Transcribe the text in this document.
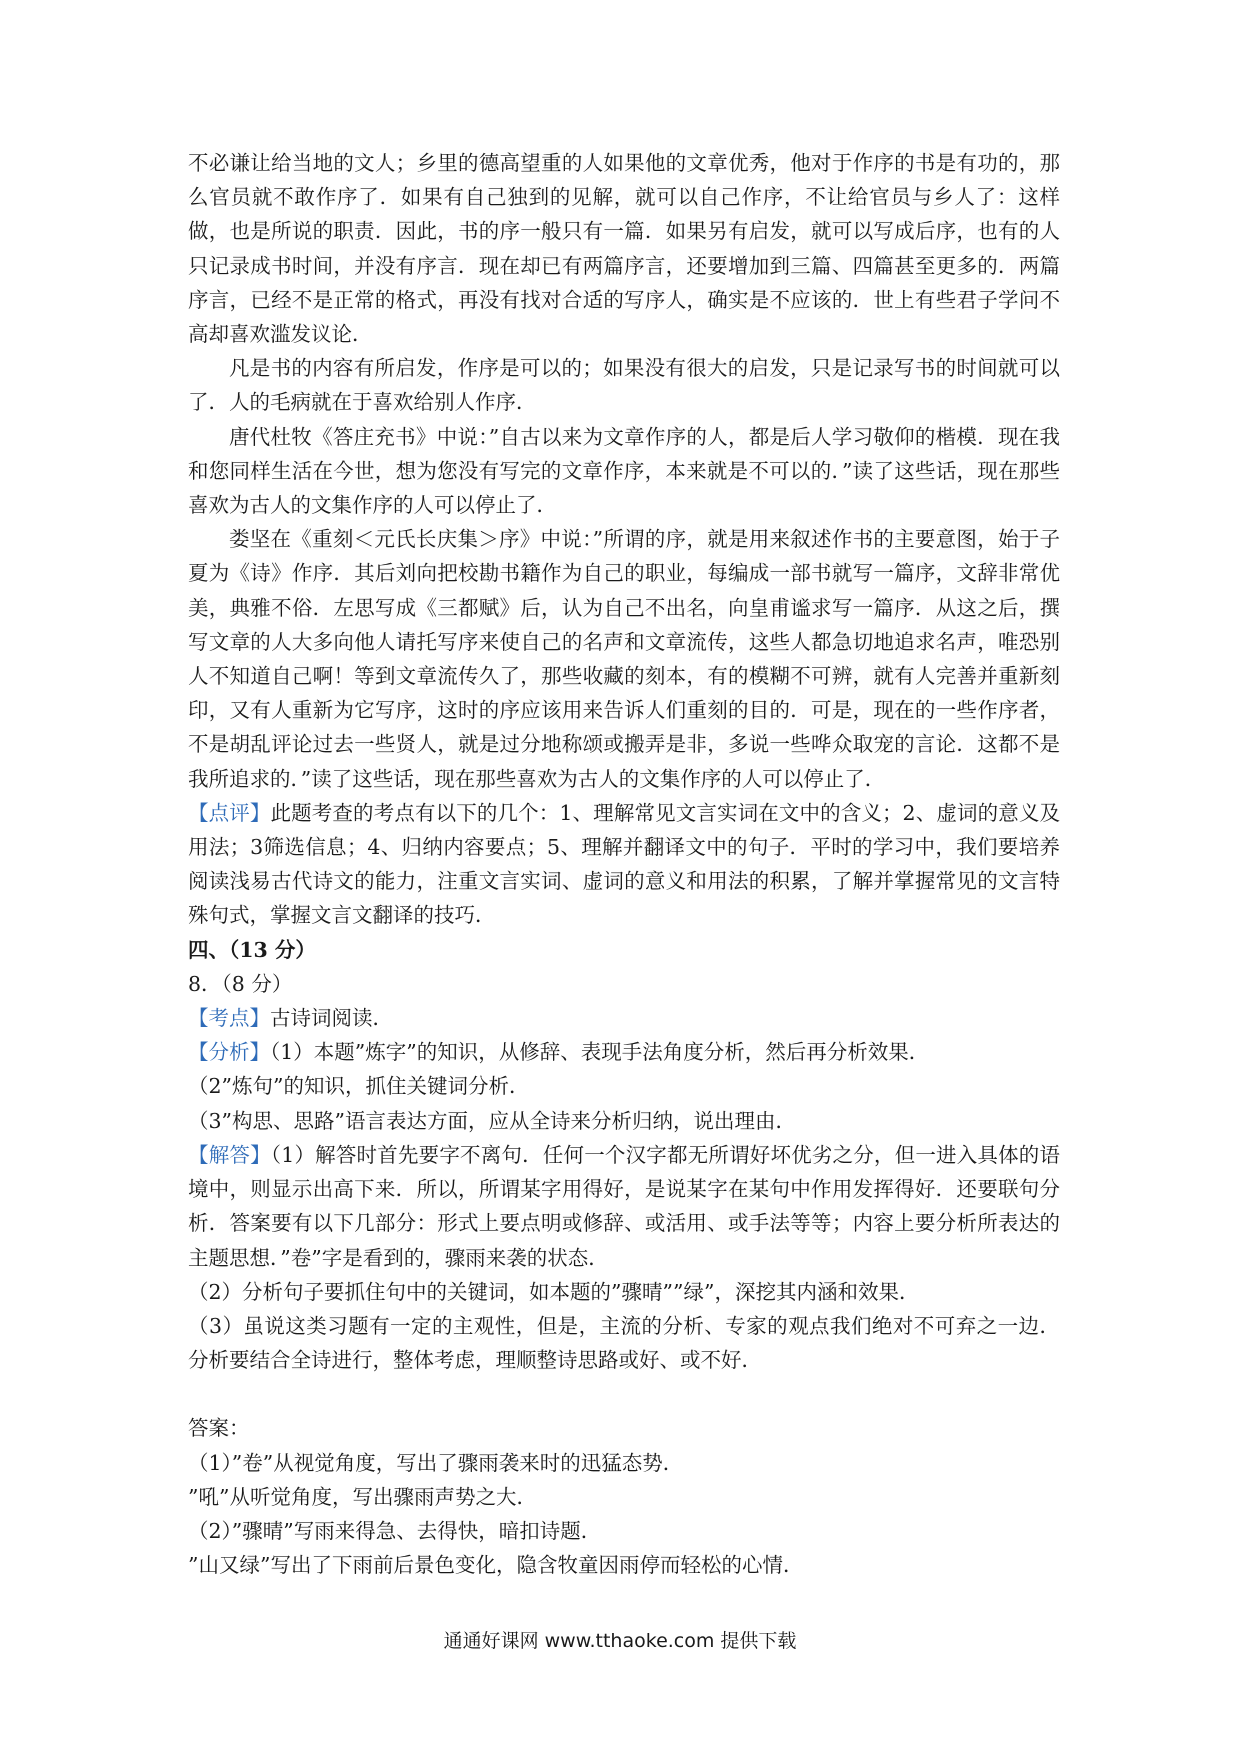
不必谦让给当地的文人；乡里的德高望重的人如果他的文章优秀，他对于作序的书是有功的，那么官员就不敢作序了．如果有自己独到的见解，就可以自己作序，不让给官员与乡人了：这样做，也是所说的职责．因此，书的序一般只有一篇．如果另有启发，就可以写成后序，也有的人只记录成书时间，并没有序言．现在却已有两篇序言，还要增加到三篇、四篇甚至更多的．两篇序言，已经不是正常的格式，再没有找对合适的写序人，确实是不应该的．世上有些君子学问不高却喜欢滥发议论．

凡是书的内容有所启发，作序是可以的；如果没有很大的启发，只是记录写书的时间就可以了．人的毛病就在于喜欢给别人作序．

唐代杜牧《答庄充书》中说：”自古以来为文章作序的人，都是后人学习敬仰的楷模．现在我和您同样生活在今世，想为您没有写完的文章作序，本来就是不可以的．”读了这些话，现在那些喜欢为古人的文集作序的人可以停止了．

娄坚在《重刻＜元氏长庆集＞序》中说：”所谓的序，就是用来叙述作书的主要意图，始于子夏为《诗》作序．其后刘向把校勘书籍作为自己的职业，每编成一部书就写一篇序，文辞非常优美，典雅不俗．左思写成《三都赋》后，认为自己不出名，向皇甫谧求写一篇序．从这之后，撰写文章的人大多向他人请托写序来使自己的名声和文章流传，这些人都急切地追求名声，唯恐别人不知道自己啊！等到文章流传久了，那些收藏的刻本，有的模糊不可辨，就有人完善并重新刻印，又有人重新为它写序，这时的序应该用来告诉人们重刻的目的．可是，现在的一些作序者，不是胡乱评论过去一些贤人，就是过分地称颂或搬弄是非，多说一些哗众取宠的言论．这都不是我所追求的．”读了这些话，现在那些喜欢为古人的文集作序的人可以停止了．

【点评】此题考查的考点有以下的几个：1、理解常见文言实词在文中的含义；2、虚词的意义及用法；3筛选信息；4、归纳内容要点；5、理解并翻译文中的句子．平时的学习中，我们要培养阅读浅易古代诗文的能力，注重文言实词、虚词的意义和用法的积累，了解并掌握常见的文言特殊句式，掌握文言文翻译的技巧．

四、（13 分）

8．（8 分）

【考点】古诗词阅读．

【分析】（1）本题”炼字”的知识，从修辞、表现手法角度分析，然后再分析效果．

（2”炼句”的知识，抓住关键词分析．

（3”构思、思路”语言表达方面，应从全诗来分析归纳，说出理由．

【解答】（1）解答时首先要字不离句．任何一个汉字都无所谓好坏优劣之分，但一进入具体的语境中，则显示出高下来．所以，所谓某字用得好，是说某字在某句中作用发挥得好．还要联句分析．答案要有以下几部分：形式上要点明或修辞、或活用、或手法等等；内容上要分析所表达的主题思想．”卷”字是看到的，骤雨来袭的状态．

（2）分析句子要抓住句中的关键词，如本题的”骤晴””绿”，深挖其内涵和效果．

（3）虽说这类习题有一定的主观性，但是，主流的分析、专家的观点我们绝对不可弃之一边．分析要结合全诗进行，整体考虑，理顺整诗思路或好、或不好．

答案：

（1）”卷”从视觉角度，写出了骤雨袭来时的迅猛态势．

”吼”从听觉角度，写出骤雨声势之大．

（2）”骤晴”写雨来得急、去得快，暗扣诗题．

”山又绿”写出了下雨前后景色变化，隐含牧童因雨停而轻松的心情．

通通好课网 www.tthaoke.com 提供下载
